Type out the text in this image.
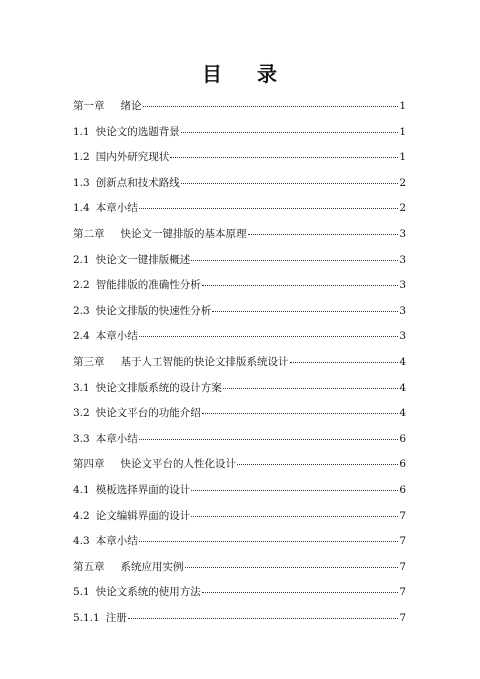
目 录
第一章 绪论	1
1.1 快论文的选题背景	1
1.2 国内外研究现状	1
1.3 创新点和技术路线	2
1.4 本章小结	2
第二章 快论文一键排版的基本原理	3
2.1 快论文一键排版概述	3
2.2 智能排版的准确性分析	3
2.3 快论文排版的快速性分析	3
2.4 本章小结	3
第三章 基于人工智能的快论文排版系统设计	4
3.1 快论文排版系统的设计方案	4
3.2 快论文平台的功能介绍	4
3.3 本章小结	6
第四章 快论文平台的人性化设计	6
4.1 模板选择界面的设计	6
4.2 论文编辑界面的设计	7
4.3 本章小结	7
第五章 系统应用实例	7
5.1 快论文系统的使用方法	7
5.1.1 注册	7
